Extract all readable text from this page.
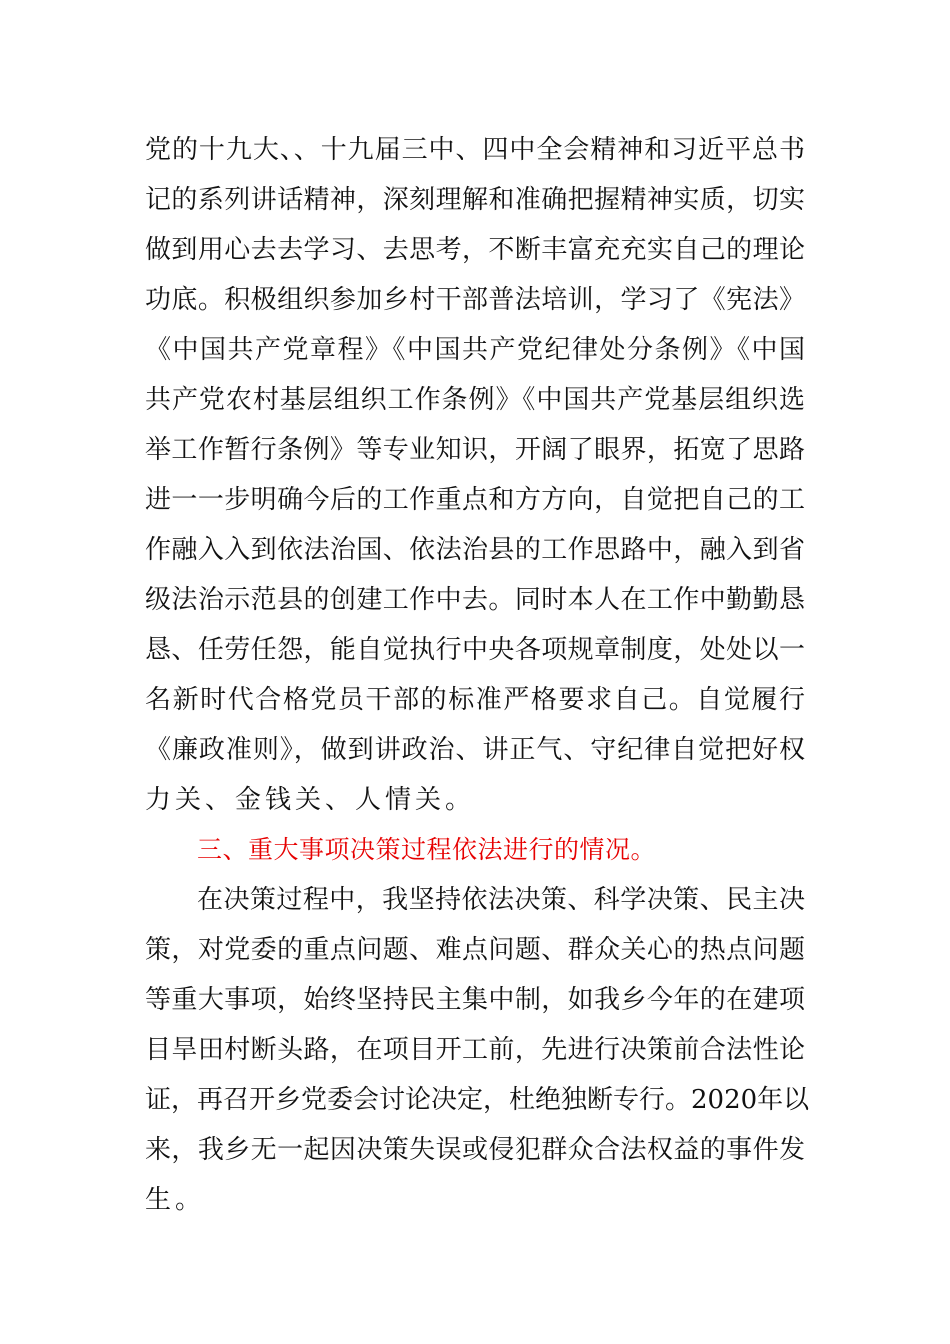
党的十九大、、十九届三中、四中全会精神和习近平总书
记的系列讲话精神，深刻理解和准确把握精神实质，切实
做到用心去去学习、去思考，不断丰富充充实自己的理论
功底。积极组织参加乡村干部普法培训，学习了《宪法》
《中国共产党章程》《中国共产党纪律处分条例》《中国
共产党农村基层组织工作条例》《中国共产党基层组织选
举工作暂行条例》等专业知识，开阔了眼界，拓宽了思路
进一一步明确今后的工作重点和方方向，自觉把自己的工
作融入入到依法治国、依法治县的工作思路中，融入到省
级法治示范县的创建工作中去。同时本人在工作中勤勤恳
恳、任劳任怨，能自觉执行中央各项规章制度，处处以一
名新时代合格党员干部的标准严格要求自己。自觉履行
《廉政准则》，做到讲政治、讲正气、守纪律自觉把好权
力关、金钱关、人情关。
三、重大事项决策过程依法进行的情况。
在决策过程中，我坚持依法决策、科学决策、民主决
策，对党委的重点问题、难点问题、群众关心的热点问题
等重大事项，始终坚持民主集中制，如我乡今年的在建项
目旱田村断头路，在项目开工前，先进行决策前合法性论
证，再召开乡党委会讨论决定，杜绝独断专行。2020年以
来，我乡无一起因决策失误或侵犯群众合法权益的事件发
生。
